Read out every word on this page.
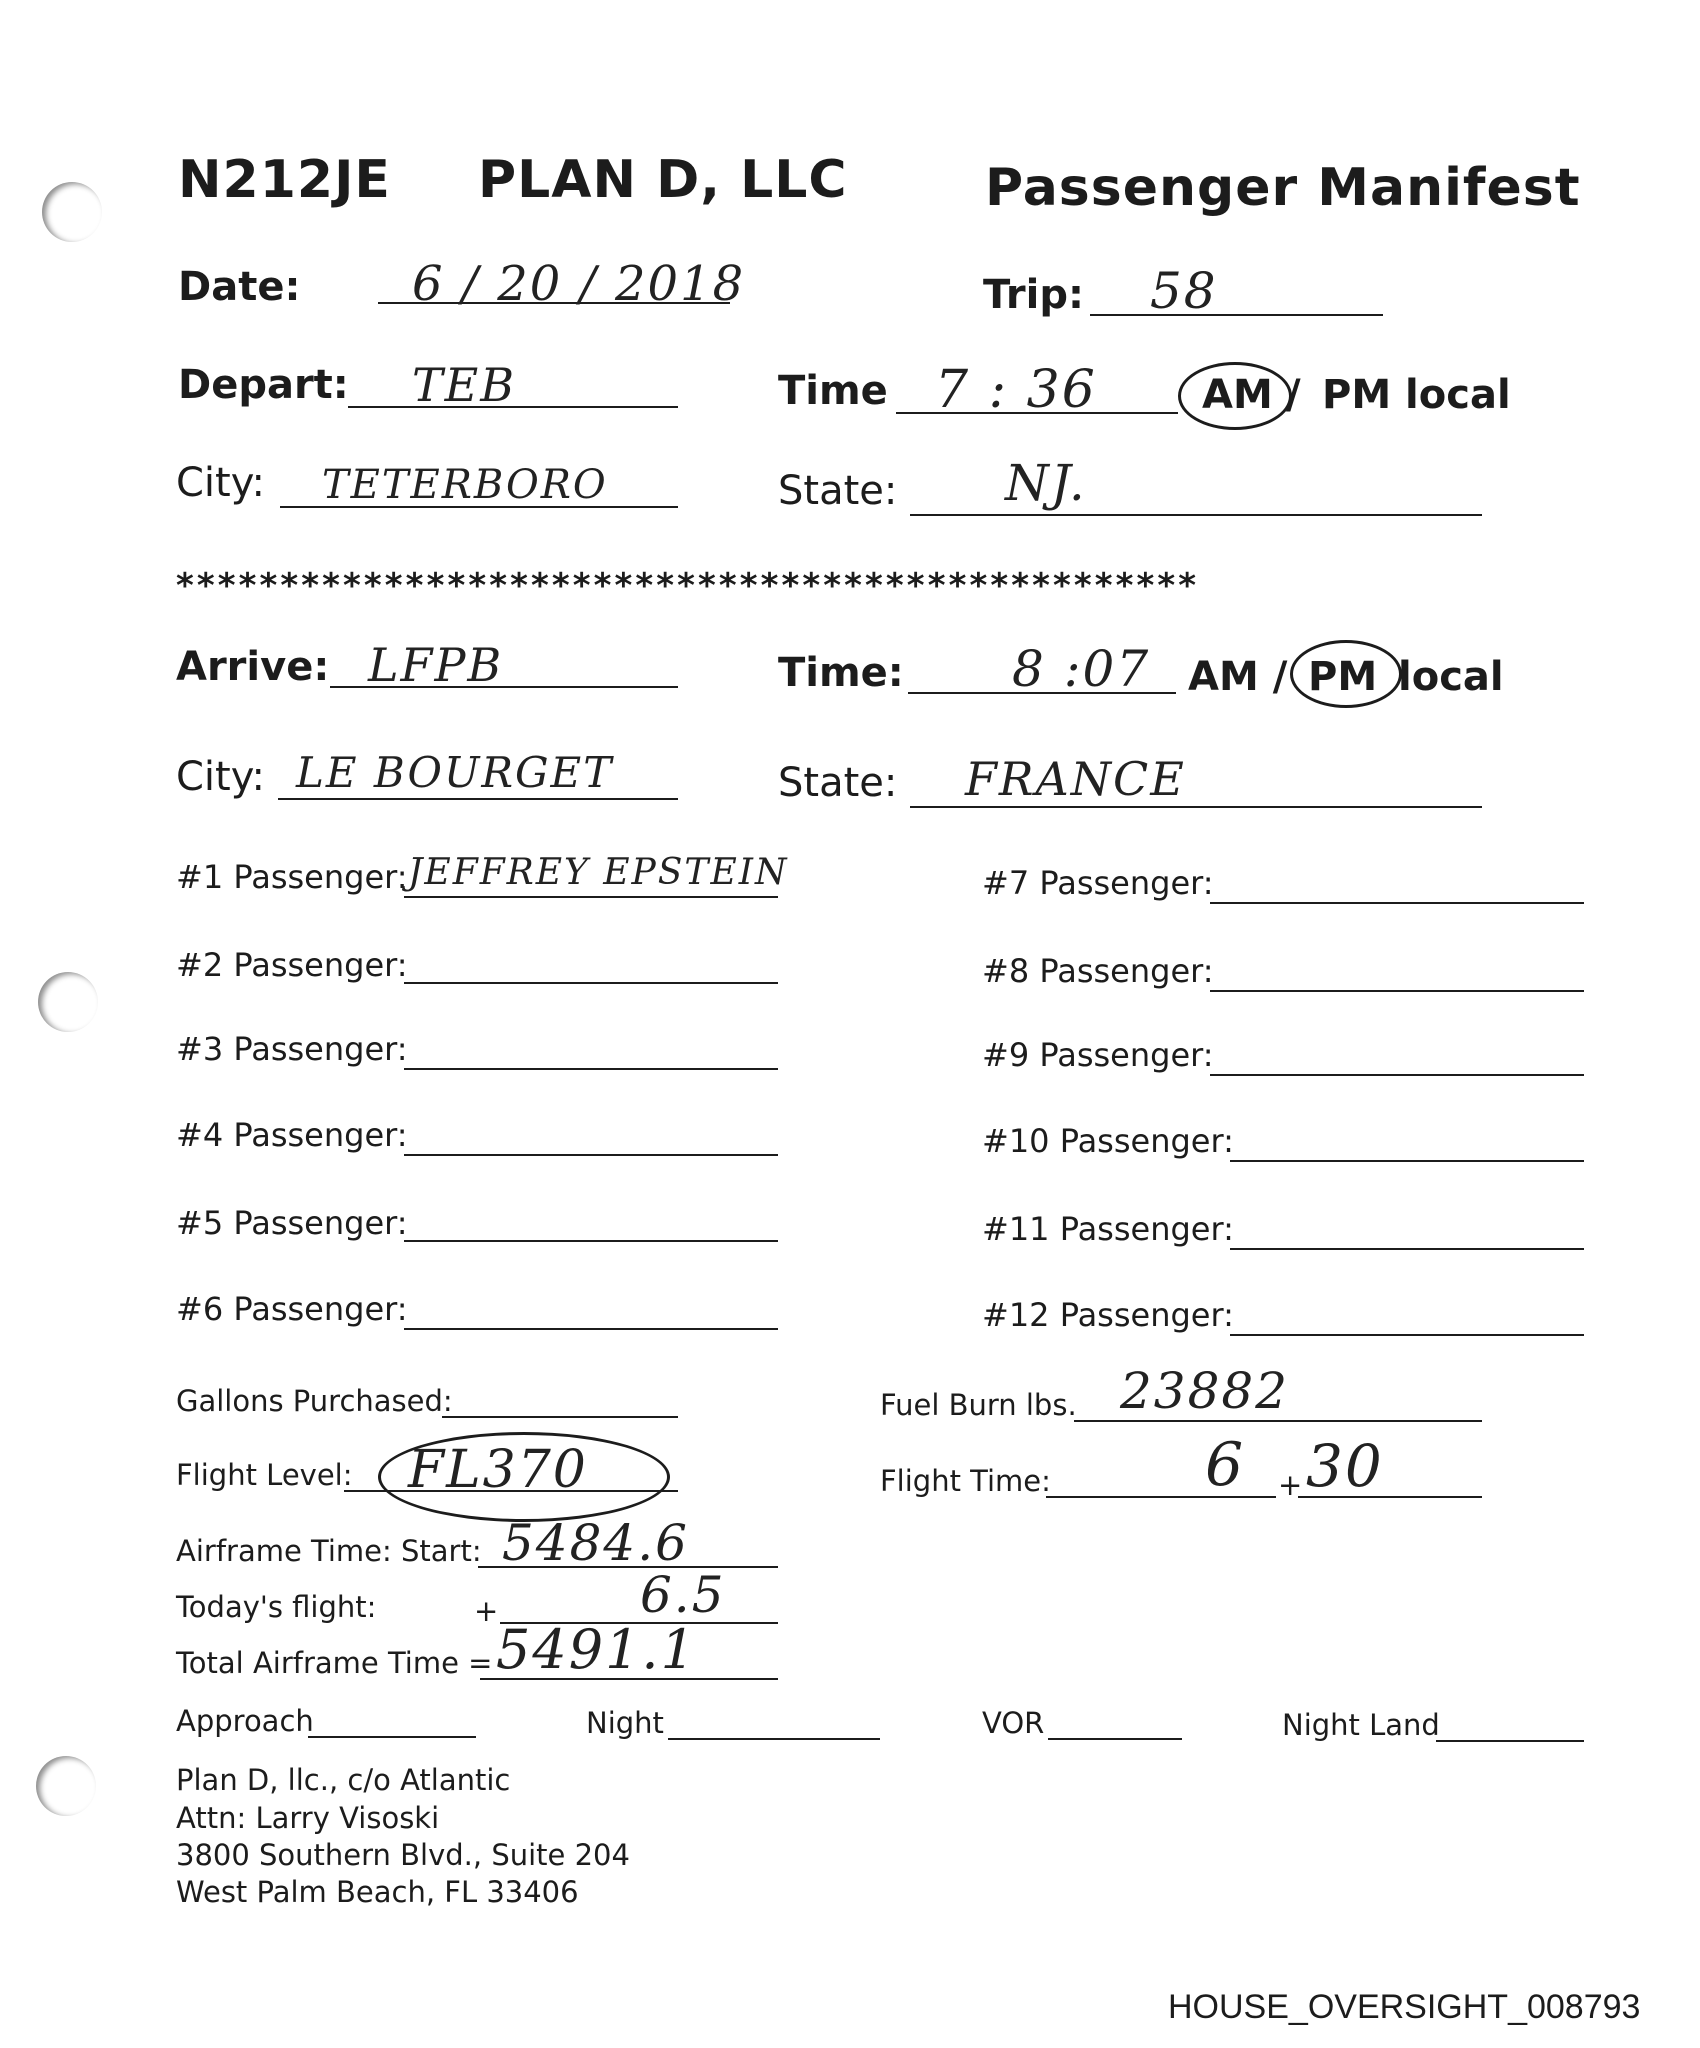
N212JE PLAN D, LLC	Passenger Manifest
Date: 6 / 20 / 2018	Trip: 58
Depart: TEB	Time 7 : 36	AM / PM local
City: TETERBORO	State: NJ.
*************************************************
Arrive: LFPB	Time: 8 :07 AM / PM local
City: LE BOURGET	State: FRANCE
#1 Passenger: JEFFREY EPSTEIN
#2 Passenger:
#3 Passenger:
#4 Passenger:
#5 Passenger:
#6 Passenger:
#7 Passenger:
#8 Passenger:
#9 Passenger:
#10 Passenger:
#11 Passenger:
#12 Passenger:
Gallons Purchased:	Fuel Burn lbs. 23882
Flight Level: FL370	Flight Time:	6 + 30
Airframe Time: Start: 5484.6
Today's flight:	+	6.5
Total Airframe Time = 5491.1
Approach	Night	VOR	Night Land
Plan D, llc., c/o Atlantic
Attn: Larry Visoski
3800 Southern Blvd., Suite 204
West Palm Beach, FL 33406
HOUSE_OVERSIGHT_008793
